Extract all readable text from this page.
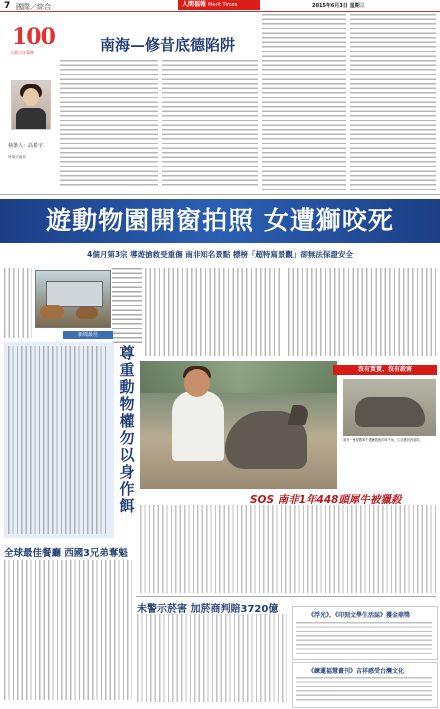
7 國際／綜合	人間福報 Merit Times	2015年6月3日 星期三
100
人間百年筆陣	南海—修昔底德陷阱
執筆人：高希宇
時事評論員
遊動物園開窗拍照 女遭獅咬死
4個月第3宗 導遊搶救受重傷 南非知名景點 標榜「超特寫景觀」卻無法保證安全
新聞最佳
尊重動物權 勿以身作餌
沒有買賣、沒有殺害
南非一隻屍體犀牛遭獵殺後的犀牛角，生前遭到西盜取。
SOS 南非1年448頭犀牛被獵殺
全球最佳餐廳 西國3兄弟奪魁
未警示菸害 加菸商判賠3720億
《浮光》、《印刻文學生活誌》獲金鼎獎
《練蓮福慧畫刊》吉祥感受台灣文化
